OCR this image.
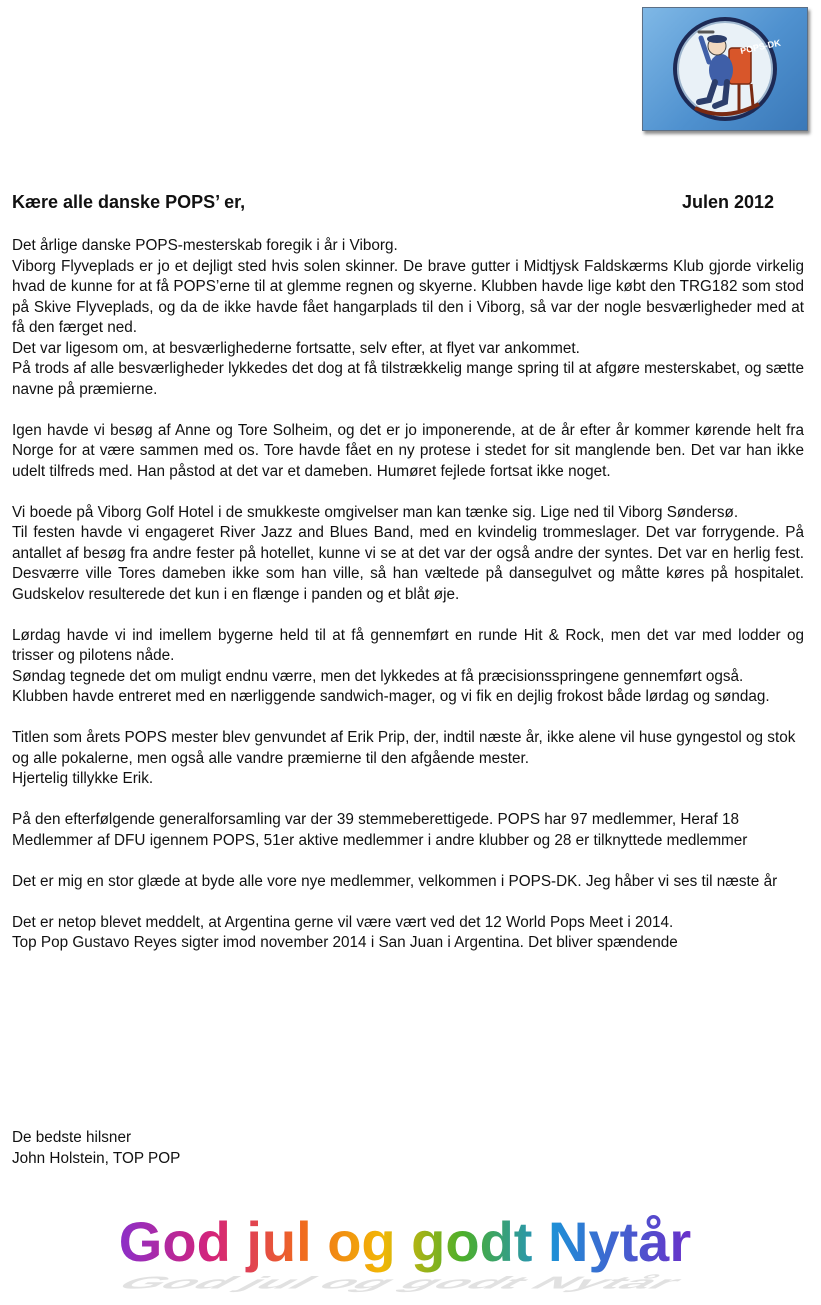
POPS-DK
Kære alle danske POPS’ er,	Julen 2012

Det årlige danske POPS-mesterskab foregik i år i Viborg.
Viborg Flyveplads er jo et dejligt sted hvis solen skinner. De brave gutter i Midtjysk Faldskærms Klub gjorde virkelig hvad de kunne for at få POPS’erne til at glemme regnen og skyerne. Klubben havde lige købt den TRG182 som stod på Skive Flyveplads, og da de ikke havde fået hangarplads til den i Viborg, så var der nogle besværligheder med at få den færget ned.
Det var ligesom om, at besværlighederne fortsatte, selv efter, at flyet var ankommet.
På trods af alle besværligheder lykkedes det dog at få tilstrækkelig mange spring til at afgøre mesterskabet, og sætte navne på præmierne.

Igen havde vi besøg af Anne og Tore Solheim, og det er jo imponerende, at de år efter år kommer kørende helt fra Norge for at være sammen med os. Tore havde fået en ny protese i stedet for sit manglende ben. Det var han ikke udelt tilfreds med. Han påstod at det var et dameben. Humøret fejlede fortsat ikke noget.

Vi boede på Viborg Golf Hotel i de smukkeste omgivelser man kan tænke sig. Lige ned til Viborg Søndersø.
Til festen havde vi engageret River Jazz and Blues Band, med en kvindelig trommeslager. Det var forrygende. På antallet af besøg fra andre fester på hotellet, kunne vi se at det var der også andre der syntes. Det var en herlig fest. Desværre ville Tores dameben ikke som han ville, så han væltede på dansegulvet og måtte køres på hospitalet. Gudskelov resulterede det kun i en flænge i panden og et blåt øje.

Lørdag havde vi ind imellem bygerne held til at få gennemført en runde Hit & Rock, men det var med lodder og trisser og pilotens nåde.
Søndag tegnede det om muligt endnu værre, men det lykkedes at få præcisionsspringene gennemført også.
Klubben havde entreret med en nærliggende sandwich-mager, og vi fik en dejlig frokost både lørdag og søndag.

Titlen som årets POPS mester blev genvundet af Erik Prip, der, indtil næste år, ikke alene vil huse gyngestol og stok og alle pokalerne, men også alle vandre præmierne til den afgående mester.
Hjertelig tillykke Erik.

På den efterfølgende generalforsamling var der 39 stemmeberettigede. POPS har 97 medlemmer, Heraf 18 Medlemmer af DFU igennem POPS, 51er aktive medlemmer i andre klubber og 28 er tilknyttede medlemmer

Det er mig en stor glæde at byde alle vore nye medlemmer, velkommen i POPS-DK. Jeg håber vi ses til næste år

Det er netop blevet meddelt, at Argentina gerne vil være vært ved det 12 World Pops Meet i 2014.
Top Pop Gustavo Reyes sigter imod november 2014 i San Juan i Argentina. Det bliver spændende

De bedste hilsner
John Holstein, TOP POP
God jul og godt Nytår
God jul og godt Nytår
